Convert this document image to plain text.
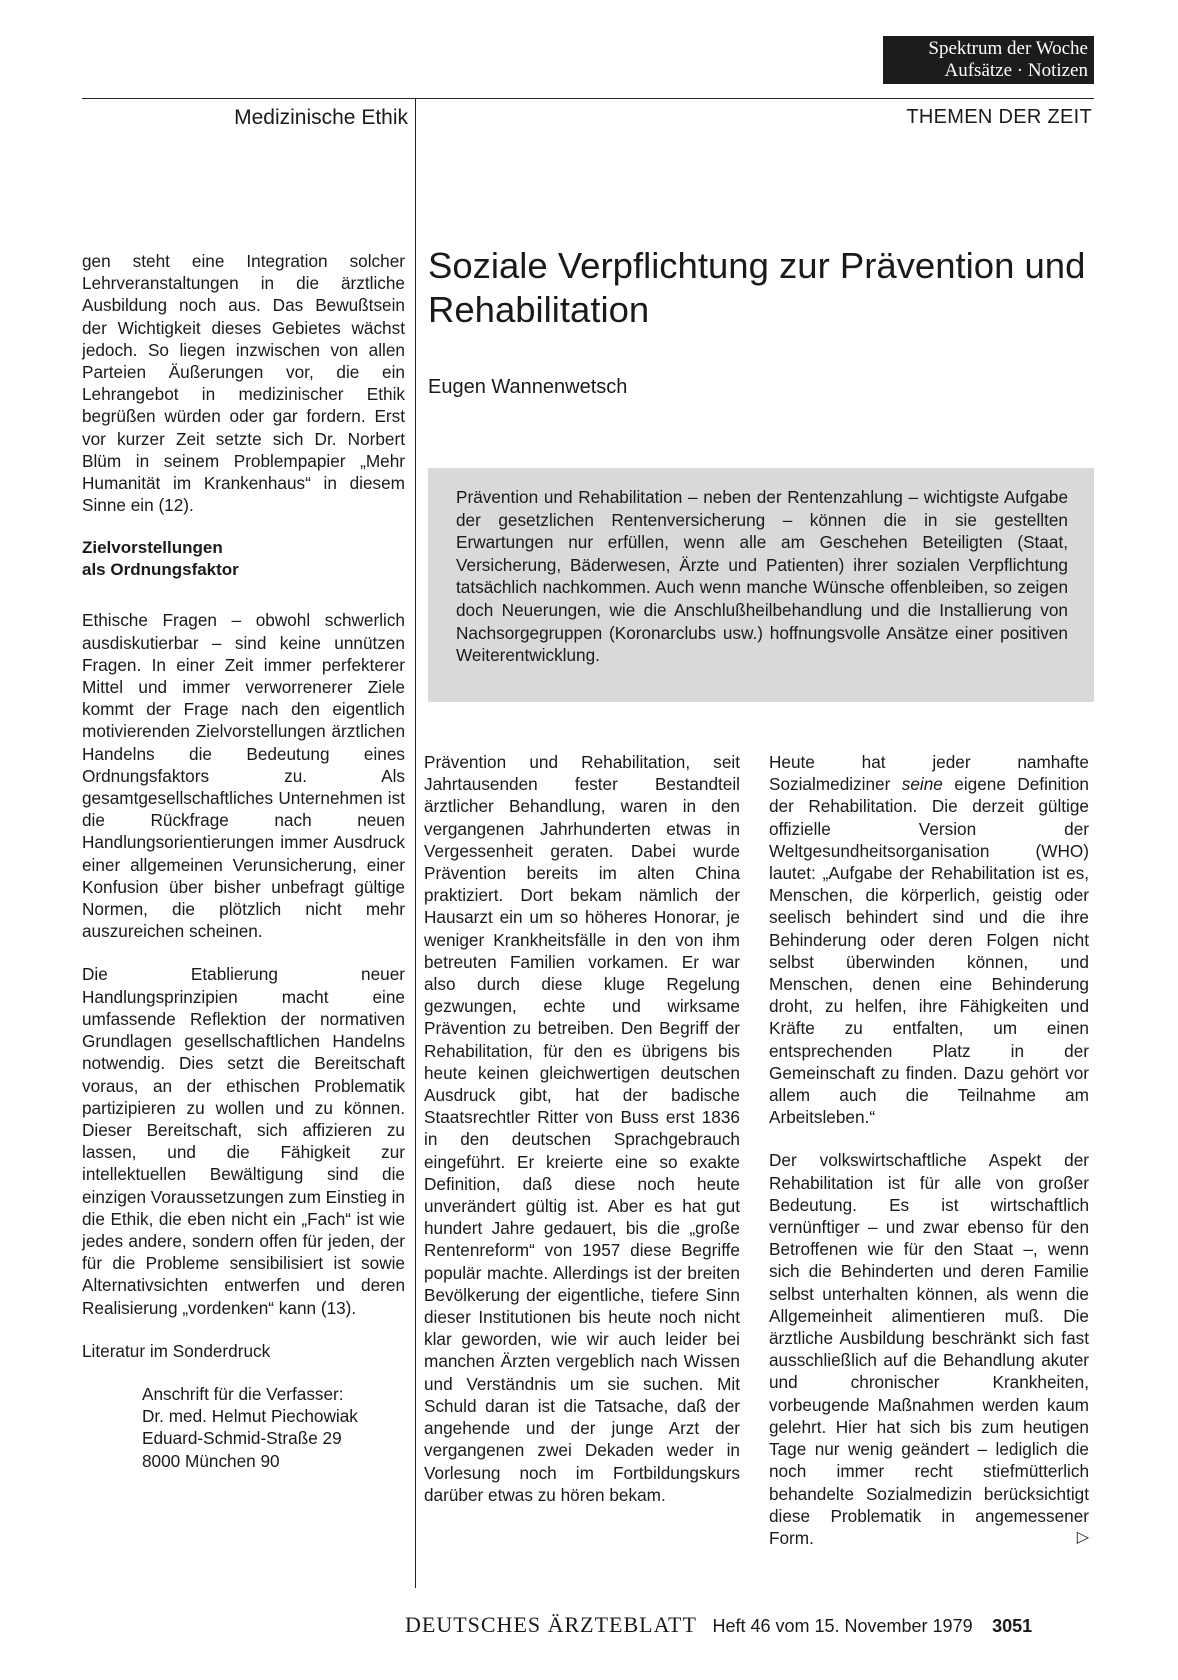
Spektrum der Woche
Aufsätze · Notizen
Medizinische Ethik	THEMEN DER ZEIT

gen steht eine Integration solcher Lehrveranstaltungen in die ärztliche Ausbildung noch aus. Das Bewußtsein der Wichtigkeit dieses Gebietes wächst jedoch. So liegen inzwischen von allen Parteien Äußerungen vor, die ein Lehrangebot in medizinischer Ethik begrüßen würden oder gar fordern. Erst vor kurzer Zeit setzte sich Dr. Norbert Blüm in seinem Problempapier „Mehr Humanität im Krankenhaus“ in diesem Sinne ein (12).

Zielvorstellungen
als Ordnungsfaktor

Ethische Fragen – obwohl schwerlich ausdiskutierbar – sind keine unnützen Fragen. In einer Zeit immer perfekterer Mittel und immer verworrenerer Ziele kommt der Frage nach den eigentlich motivierenden Zielvorstellungen ärztlichen Handelns die Bedeutung eines Ordnungsfaktors zu. Als gesamtgesellschaftliches Unternehmen ist die Rückfrage nach neuen Handlungsorientierungen immer Ausdruck einer allgemeinen Verunsicherung, einer Konfusion über bisher unbefragt gültige Normen, die plötzlich nicht mehr auszureichen scheinen.

Die Etablierung neuer Handlungsprinzipien macht eine umfassende Reflektion der normativen Grundlagen gesellschaftlichen Handelns notwendig. Dies setzt die Bereitschaft voraus, an der ethischen Problematik partizipieren zu wollen und zu können. Dieser Bereitschaft, sich affizieren zu lassen, und die Fähigkeit zur intellektuellen Bewältigung sind die einzigen Voraussetzungen zum Einstieg in die Ethik, die eben nicht ein „Fach“ ist wie jedes andere, sondern offen für jeden, der für die Probleme sensibilisiert ist sowie Alternativsichten entwerfen und deren Realisierung „vordenken“ kann (13).

Literatur im Sonderdruck

Anschrift für die Verfasser:
Dr. med. Helmut Piechowiak
Eduard-Schmid-Straße 29
8000 München 90
Soziale Verpflichtung zur Prävention und Rehabilitation
Eugen Wannenwetsch
Prävention und Rehabilitation – neben der Rentenzahlung – wichtigste Aufgabe der gesetzlichen Rentenversicherung – können die in sie gestellten Erwartungen nur erfüllen, wenn alle am Geschehen Beteiligten (Staat, Versicherung, Bäderwesen, Ärzte und Patienten) ihrer sozialen Verpflichtung tatsächlich nachkommen. Auch wenn manche Wünsche offenbleiben, so zeigen doch Neuerungen, wie die Anschlußheilbehandlung und die Installierung von Nachsorgegruppen (Koronarclubs usw.) hoffnungsvolle Ansätze einer positiven Weiterentwicklung.

Prävention und Rehabilitation, seit Jahrtausenden fester Bestandteil ärztlicher Behandlung, waren in den vergangenen Jahrhunderten etwas in Vergessenheit geraten. Dabei wurde Prävention bereits im alten China praktiziert. Dort bekam nämlich der Hausarzt ein um so höheres Honorar, je weniger Krankheitsfälle in den von ihm betreuten Familien vorkamen. Er war also durch diese kluge Regelung gezwungen, echte und wirksame Prävention zu betreiben. Den Begriff der Rehabilitation, für den es übrigens bis heute keinen gleichwertigen deutschen Ausdruck gibt, hat der badische Staatsrechtler Ritter von Buss erst 1836 in den deutschen Sprachgebrauch eingeführt. Er kreierte eine so exakte Definition, daß diese noch heute unverändert gültig ist. Aber es hat gut hundert Jahre gedauert, bis die „große Rentenreform“ von 1957 diese Begriffe populär machte. Allerdings ist der breiten Bevölkerung der eigentliche, tiefere Sinn dieser Institutionen bis heute noch nicht klar geworden, wie wir auch leider bei manchen Ärzten vergeblich nach Wissen und Verständnis um sie suchen. Mit Schuld daran ist die Tatsache, daß der angehende und der junge Arzt der vergangenen zwei Dekaden weder in Vorlesung noch im Fortbildungskurs darüber etwas zu hören bekam.

Heute hat jeder namhafte Sozialmediziner seine eigene Definition der Rehabilitation. Die derzeit gültige offizielle Version der Weltgesundheitsorganisation (WHO) lautet: „Aufgabe der Rehabilitation ist es, Menschen, die körperlich, geistig oder seelisch behindert sind und die ihre Behinderung oder deren Folgen nicht selbst überwinden können, und Menschen, denen eine Behinderung droht, zu helfen, ihre Fähigkeiten und Kräfte zu entfalten, um einen entsprechenden Platz in der Gemeinschaft zu finden. Dazu gehört vor allem auch die Teilnahme am Arbeitsleben.“

Der volkswirtschaftliche Aspekt der Rehabilitation ist für alle von großer Bedeutung. Es ist wirtschaftlich vernünftiger – und zwar ebenso für den Betroffenen wie für den Staat –, wenn sich die Behinderten und deren Familie selbst unterhalten können, als wenn die Allgemeinheit alimentieren muß. Die ärztliche Ausbildung beschränkt sich fast ausschließlich auf die Behandlung akuter und chronischer Krankheiten, vorbeugende Maßnahmen werden kaum gelehrt. Hier hat sich bis zum heutigen Tage nur wenig geändert – lediglich die noch immer recht stiefmütterlich behandelte Sozialmedizin berücksichtigt diese Problematik in angemessener Form.	▷

DEUTSCHES ÄRZTEBLATT Heft 46 vom 15. November 1979 3051
